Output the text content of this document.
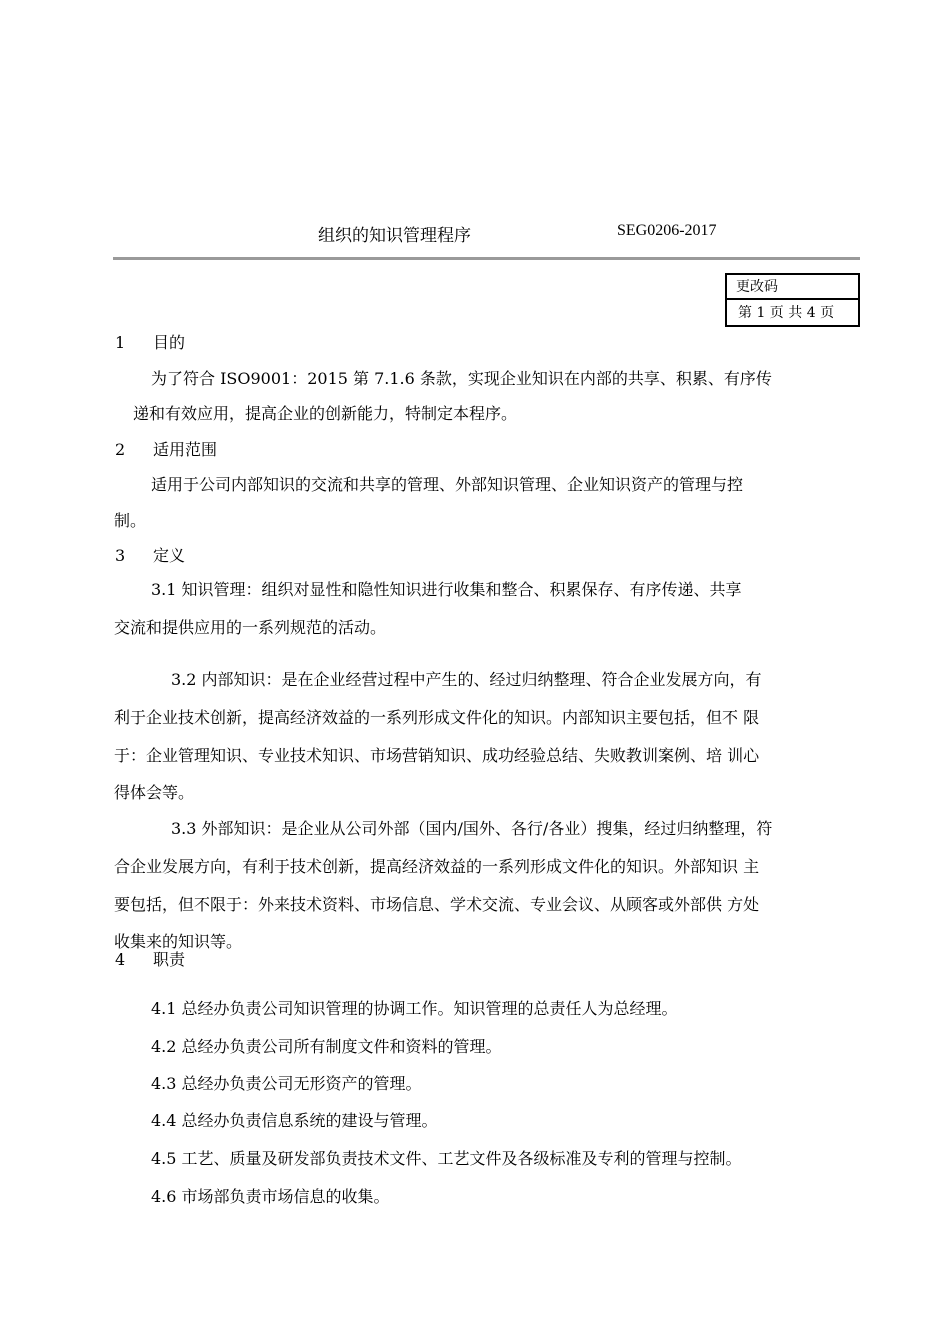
组织的知识管理程序	SEG0206-2017
更改码
第 1 页 共 4 页
1 目的
为了符合 ISO9001：2015 第 7.1.6 条款，实现企业知识在内部的共享、积累、有序传
递和有效应用，提高企业的创新能力，特制定本程序。
2 适用范围
适用于公司内部知识的交流和共享的管理、外部知识管理、企业知识资产的管理与控
制。
3 定义
3.1 知识管理：组织对显性和隐性知识进行收集和整合、积累保存、有序传递、共享
交流和提供应用的一系列规范的活动。
3.2 内部知识：是在企业经营过程中产生的、经过归纳整理、符合企业发展方向，有
利于企业技术创新，提高经济效益的一系列形成文件化的知识。内部知识主要包括，但不 限
于：企业管理知识、专业技术知识、市场营销知识、成功经验总结、失败教训案例、培 训心
得体会等。
3.3 外部知识：是企业从公司外部（国内/国外、各行/各业）搜集，经过归纳整理，符
合企业发展方向，有利于技术创新，提高经济效益的一系列形成文件化的知识。外部知识 主
要包括，但不限于：外来技术资料、市场信息、学术交流、专业会议、从顾客或外部供 方处
收集来的知识等。
4 职责
4.1 总经办负责公司知识管理的协调工作。知识管理的总责任人为总经理。
4.2 总经办负责公司所有制度文件和资料的管理。
4.3 总经办负责公司无形资产的管理。
4.4 总经办负责信息系统的建设与管理。
4.5 工艺、质量及研发部负责技术文件、工艺文件及各级标准及专利的管理与控制。
4.6 市场部负责市场信息的收集。
